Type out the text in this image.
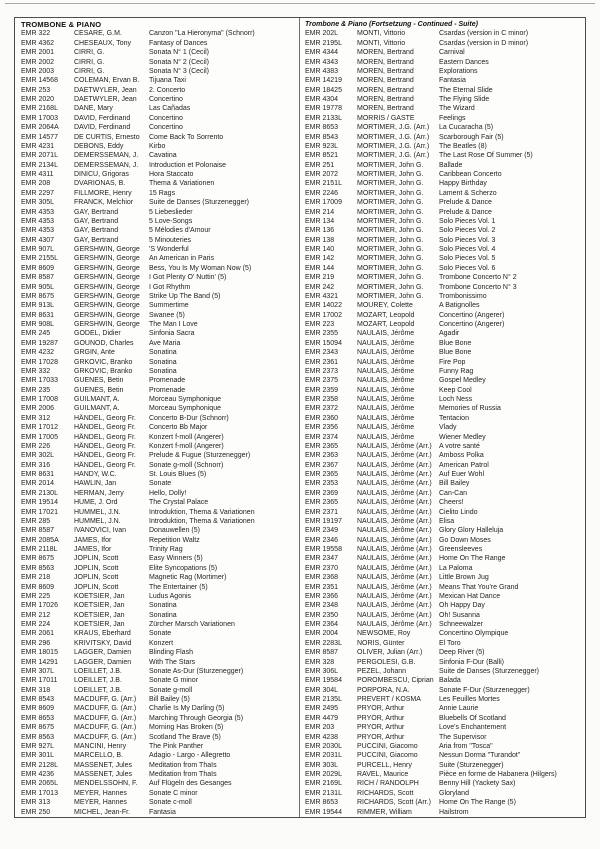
TROMBONE & PIANO
EMR 322	CESARE, G.M.	Canzon "La Hieronyma" (Schnorr)
EMR 4362	CHESEAUX, Tony	Fantasy of Dances
EMR 2001	CIRRI, G.	Sonata N° 1 (Cecil)
EMR 2002	CIRRI, G.	Sonata N° 2 (Cecil)
EMR 2003	CIRRI, G.	Sonata N° 3 (Cecil)
EMR 14568	COLEMAN, Ervan B.	Tijuana Taxi
EMR 253	DAETWYLER, Jean	2. Concerto
EMR 2020	DAETWYLER, Jean	Concertino
EMR 2168L	DANE, Mary	Las Cañadas
EMR 17003	DAVID, Ferdinand	Concertino
EMR 2064A	DAVID, Ferdinand	Concertino
EMR 14577	DE CURTIS, Ernesto	Come Back To Sorrento
EMR 4231	DEBONS, Eddy	Kirbo
EMR 2071L	DEMERSSEMAN, J.	Cavatina
EMR 2134L	DEMERSSEMAN, J.	Introduction et Polonaise
EMR 4311	DINICU, Grigoras	Hora Staccato
EMR 208	DVARIONAS, B.	Thema & Variationen
EMR 2297	FILLMORE, Henry	15 Rags
EMR 305L	FRANCK, Melchior	Suite de Danses (Sturzenegger)
EMR 4353	GAY, Bertrand	5 Liebeslieder
EMR 4353	GAY, Bertrand	5 Love-Songs
EMR 4353	GAY, Bertrand	5 Mélodies d'Amour
EMR 4307	GAY, Bertrand	5 Minouteries
EMR 907L	GERSHWIN, George	'S Wonderful
EMR 2155L	GERSHWIN, George	An American in Paris
EMR 8609	GERSHWIN, George	Bess, You Is My Woman Now (5)
EMR 8587	GERSHWIN, George	I Got Plenty O' Nuttin' (5)
EMR 905L	GERSHWIN, George	I Got Rhythm
EMR 8675	GERSHWIN, George	Strike Up The Band (5)
EMR 913L	GERSHWIN, George	Summertime
EMR 8631	GERSHWIN, George	Swanee (5)
EMR 908L	GERSHWIN, George	The Man I Love
EMR 245	GODEL, Didier	Sinfonia Sacra
EMR 19287	GOUNOD, Charles	Ave Maria
EMR 4232	GRGIN, Ante	Sonatina
EMR 17028	GRKOVIC, Branko	Sonatina
EMR 332	GRKOVIC, Branko	Sonatina
EMR 17033	GUENES, Betin	Promenade
EMR 235	GUENES, Betin	Promenade
EMR 17008	GUILMANT, A.	Morceau Symphonique
EMR 2006	GUILMANT, A.	Morceau Symphonique
EMR 312	HÄNDEL, Georg Fr.	Concerto B-Dur (Schnorr)
EMR 17012	HÄNDEL, Georg Fr.	Concerto Bb Major
EMR 17005	HÄNDEL, Georg Fr.	Konzert f-moll (Angerer)
EMR 226	HÄNDEL, Georg Fr.	Konzert f-moll (Angerer)
EMR 302L	HÄNDEL, Georg Fr.	Prelude & Fugue (Sturzenegger)
EMR 316	HÄNDEL, Georg Fr.	Sonate g-moll (Schnorr)
EMR 8631	HANDY, W.C.	St. Louis Blues (5)
EMR 2014	HAWLIN, Jan	Sonate
EMR 2130L	HERMAN, Jerry	Hello, Dolly!
EMR 19514	HUME, J. Ord	The Crystal Palace
EMR 17021	HUMMEL, J.N.	Introduktion, Thema & Variationen
EMR 285	HUMMEL, J.N.	Introduktion, Thema & Variationen
EMR 8587	IVANOVICI, Ivan	Donauwellen (5)
EMR 2085A	JAMES, Ifor	Repetition Waltz
EMR 2118L	JAMES, Ifor	Trinity Rag
EMR 8675	JOPLIN, Scott	Easy Winners (5)
EMR 8563	JOPLIN, Scott	Elite Syncopations (5)
EMR 218	JOPLIN, Scott	Magnetic Rag (Mortimer)
EMR 8609	JOPLIN, Scott	The Entertainer (5)
EMR 225	KOETSIER, Jan	Ludus Agonis
EMR 17026	KOETSIER, Jan	Sonatina
EMR 212	KOETSIER, Jan	Sonatina
EMR 224	KOETSIER, Jan	Zürcher Marsch Variationen
EMR 2061	KRAUS, Eberhard	Sonate
EMR 296	KRIVITSKY, David	Konzert
EMR 18015	LAGGER, Damien	Blinding Flash
EMR 14291	LAGGER, Damien	With The Stars
EMR 307L	LOEILLET, J.B.	Sonate As-Dur (Sturzenegger)
EMR 17011	LOEILLET, J.B.	Sonate G minor
EMR 318	LOEILLET, J.B.	Sonate g-moll
EMR 8543	MACDUFF, G. (Arr.)	Bill Bailey (5)
EMR 8609	MACDUFF, G. (Arr.)	Charlie Is My Darling (5)
EMR 8653	MACDUFF, G. (Arr.)	Marching Through Georgia (5)
EMR 8675	MACDUFF, G. (Arr.)	Morning Has Broken (5)
EMR 8563	MACDUFF, G. (Arr.)	Scotland The Brave (5)
EMR 927L	MANCINI, Henry	The Pink Panther
EMR 301L	MARCELLO, B.	Adagio - Largo - Allegretto
EMR 2128L	MASSENET, Jules	Meditation from Thaïs
EMR 4236	MASSENET, Jules	Meditation from Thaïs
EMR 2065L	MENDELSSOHN, F.	Auf Flügeln des Gesanges
EMR 17013	MEYER, Hannes	Sonate C minor
EMR 313	MEYER, Hannes	Sonate c-moll
EMR 250	MICHEL, Jean-Fr.	Fantasia
Trombone & Piano (Fortsetzung - Continued - Suite)
EMR 202L	MONTI, Vittorio	Csardas (version in C minor)
EMR 2195L	MONTI, Vittorio	Csardas (version in D minor)
EMR 4344	MOREN, Bertrand	Carnival
EMR 4343	MOREN, Bertrand	Eastern Dances
EMR 4383	MOREN, Bertrand	Explorations
EMR 14219	MOREN, Bertrand	Fantasia
EMR 18425	MOREN, Bertrand	The Eternal Slide
EMR 4304	MOREN, Bertrand	The Flying Slide
EMR 19778	MOREN, Bertrand	The Wizard
EMR 2133L	MORRIS / GASTE	Feelings
EMR 8653	MORTIMER, J.G. (Arr.)	La Cucaracha (5)
EMR 8543	MORTIMER, J.G. (Arr.)	Scarborough Fair (5)
EMR 923L	MORTIMER, J.G. (Arr.)	The Beatles (8)
EMR 8521	MORTIMER, J.G. (Arr.)	The Last Rose Of Summer (5)
EMR 251	MORTIMER, John G.	Ballade
EMR 2072	MORTIMER, John G.	Caribbean Concerto
EMR 2151L	MORTIMER, John G.	Happy Birthday
EMR 2246	MORTIMER, John G.	Lament & Scherzo
EMR 17009	MORTIMER, John G.	Prelude & Dance
EMR 214	MORTIMER, John G.	Prelude & Dance
EMR 134	MORTIMER, John G.	Solo Pieces Vol. 1
EMR 136	MORTIMER, John G.	Solo Pieces Vol. 2
EMR 138	MORTIMER, John G.	Solo Pieces Vol. 3
EMR 140	MORTIMER, John G.	Solo Pieces Vol. 4
EMR 142	MORTIMER, John G.	Solo Pieces Vol. 5
EMR 144	MORTIMER, John G.	Solo Pieces Vol. 6
EMR 219	MORTIMER, John G.	Trombone Concerto N° 2
EMR 242	MORTIMER, John G.	Trombone Concerto N° 3
EMR 4321	MORTIMER, John G.	Trombonissimo
EMR 14022	MOUREY, Colette	A Batignolles
EMR 17002	MOZART, Leopold	Concertino (Angerer)
EMR 223	MOZART, Leopold	Concertino (Angerer)
EMR 2355	NAULAIS, Jérôme	Agadir
EMR 15094	NAULAIS, Jérôme	Blue Bone
EMR 2343	NAULAIS, Jérôme	Blue Bone
EMR 2361	NAULAIS, Jérôme	Fire Pop
EMR 2373	NAULAIS, Jérôme	Funny Rag
EMR 2375	NAULAIS, Jérôme	Gospel Medley
EMR 2359	NAULAIS, Jérôme	Keep Cool
EMR 2358	NAULAIS, Jérôme	Loch Ness
EMR 2372	NAULAIS, Jérôme	Memories of Russia
EMR 2360	NAULAIS, Jérôme	Tentacion
EMR 2356	NAULAIS, Jérôme	Vlady
EMR 2374	NAULAIS, Jérôme	Wiener Medley
EMR 2365	NAULAIS, Jérôme (Arr.)	A votre santé
EMR 2363	NAULAIS, Jérôme (Arr.)	Amboss Polka
EMR 2367	NAULAIS, Jérôme (Arr.)	American Patrol
EMR 2365	NAULAIS, Jérôme (Arr.)	Auf Euer Wohl
EMR 2353	NAULAIS, Jérôme (Arr.)	Bill Bailey
EMR 2369	NAULAIS, Jérôme (Arr.)	Can-Can
EMR 2365	NAULAIS, Jérôme (Arr.)	Cheers!
EMR 2371	NAULAIS, Jérôme (Arr.)	Cielito Lindo
EMR 19197	NAULAIS, Jérôme (Arr.)	Elisa
EMR 2349	NAULAIS, Jérôme (Arr.)	Glory Glory Halleluja
EMR 2346	NAULAIS, Jérôme (Arr.)	Go Down Moses
EMR 19558	NAULAIS, Jérôme (Arr.)	Greensleeves
EMR 2347	NAULAIS, Jérôme (Arr.)	Home On The Range
EMR 2370	NAULAIS, Jérôme (Arr.)	La Paloma
EMR 2368	NAULAIS, Jérôme (Arr.)	Little Brown Jug
EMR 2351	NAULAIS, Jérôme (Arr.)	Means That You're Grand
EMR 2366	NAULAIS, Jérôme (Arr.)	Mexican Hat Dance
EMR 2348	NAULAIS, Jérôme (Arr.)	Oh Happy Day
EMR 2350	NAULAIS, Jérôme (Arr.)	Oh! Susanna
EMR 2364	NAULAIS, Jérôme (Arr.)	Schneewalzer
EMR 2004	NEWSOME, Roy	Concertino Olympique
EMR 2283L	NORIS, Günter	El Toro
EMR 8587	OLIVER, Julian (Arr.)	Deep River (5)
EMR 328	PERGOLESI, G.B.	Sinfonia F-Dur (Balli)
EMR 306L	PEZEL, Johann	Suite de Danses (Sturzenegger)
EMR 19584	POROMBESCU, Ciprian Balada
EMR 304L	PORPORA, N.A.	Sonate F-Dur (Sturzenegger)
EMR 2135L	PREVERT / KOSMA	Les Feuilles Mortes
EMR 2495	PRYOR, Arthur	Annie Laurie
EMR 4479	PRYOR, Arthur	Bluebells Of Scotland
EMR 203	PRYOR, Arthur	Love's Enchantement
EMR 4238	PRYOR, Arthur	The Supervisor
EMR 2030L	PUCCINI, Giacomo	Aria from "Tosca"
EMR 2031L	PUCCINI, Giacomo	Nessun Dorma "Turandot"
EMR 303L	PURCELL, Henry	Suite (Sturzenegger)
EMR 2029L	RAVEL, Maurice	Pièce en forme de Habanera (Hilgers)
EMR 2169L	RICH / RANDOLPH	Benny Hill (Yackety Sax)
EMR 2131L	RICHARDS, Scott	Gloryland
EMR 8653	RICHARDS, Scott (Arr.)	Home On The Range (5)
EMR 19544	RIMMER, William	Hailstrom
